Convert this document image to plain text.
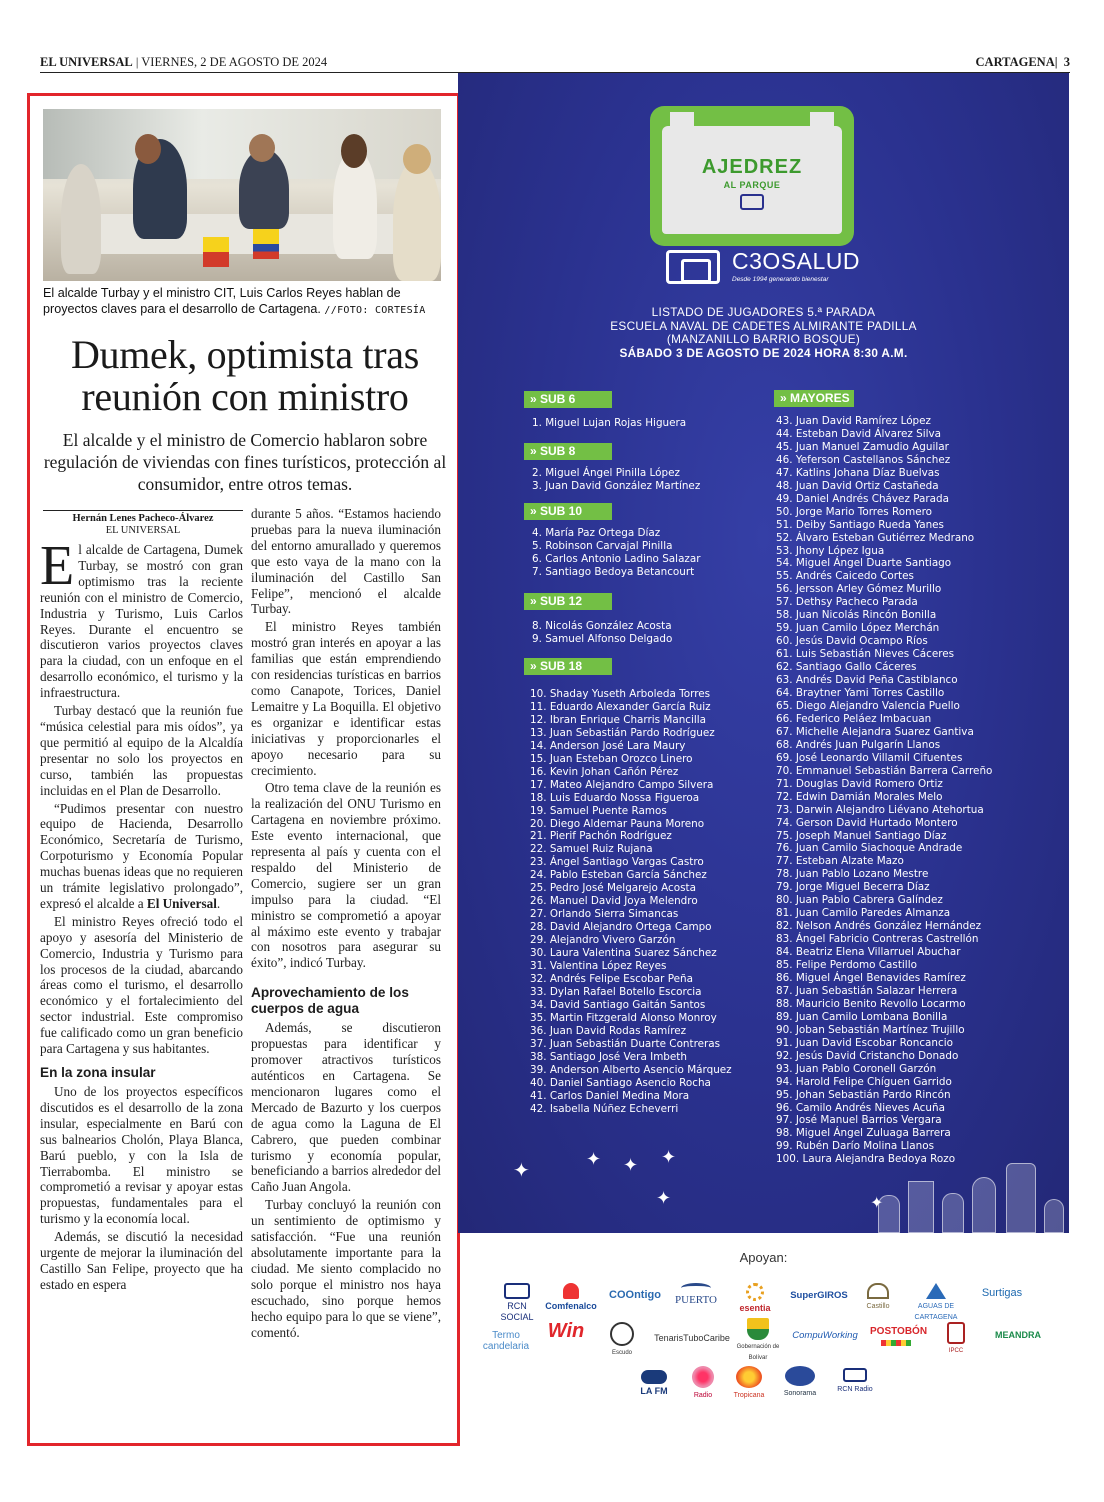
EL UNIVERSAL | VIERNES, 2 DE AGOSTO DE 2024	CARTAGENA|  3
El alcalde Turbay y el ministro CIT, Luis Carlos Reyes hablan de proyectos claves para el desarrollo de Cartagena. //FOTO: CORTESÍA
Dumek, optimista tras reunión con ministro
El alcalde y el ministro de Comercio hablaron sobre regulación de viviendas con fines turísticos, protección al consumidor, entre otros temas.
Hernán Lenes Pacheco-Álvarez
EL UNIVERSAL

El alcalde de Cartagena, Dumek Turbay, se mostró con gran optimismo tras la reciente reunión con el ministro de Comercio, Industria y Turismo, Luis Carlos Reyes. Durante el encuentro se discutieron varios proyectos claves para la ciudad, con un enfoque en el desarrollo económico, el turismo y la infraestructura.

Turbay destacó que la reunión fue “música celestial para mis oídos”, ya que permitió al equipo de la Alcaldía presentar no solo los proyectos en curso, también las propuestas incluidas en el Plan de Desarrollo.

“Pudimos presentar con nuestro equipo de Hacienda, Desarrollo Económico, Secretaría de Turismo, Corpoturismo y Economía Popular muchas buenas ideas que no requieren un trámite legislativo prolongado”, expresó el alcalde a El Universal.

El ministro Reyes ofreció todo el apoyo y asesoría del Ministerio de Comercio, Industria y Turismo para los procesos de la ciudad, abarcando áreas como el turismo, el desarrollo económico y el fortalecimiento del sector industrial. Este compromiso fue calificado como un gran beneficio para Cartagena y sus habitantes.

En la zona insular

Uno de los proyectos específicos discutidos es el desarrollo de la zona insular, especialmente en Barú con sus balnearios Cholón, Playa Blanca, Barú pueblo, y con la Isla de Tierrabomba. El ministro se comprometió a revisar y apoyar estas propuestas, fundamentales para el turismo y la economía local.

Además, se discutió la necesidad urgente de mejorar la iluminación del Castillo San Felipe, proyecto que ha estado en espera

durante 5 años. “Estamos haciendo pruebas para la nueva iluminación del entorno amurallado y queremos que esto vaya de la mano con la iluminación del Castillo San Felipe”, mencionó el alcalde Turbay.

El ministro Reyes también mostró gran interés en apoyar a las familias que están emprendiendo con residencias turísticas en barrios como Canapote, Torices, Daniel Lemaitre y La Boquilla. El objetivo es organizar e identificar estas iniciativas y proporcionarles el apoyo necesario para su crecimiento.

Otro tema clave de la reunión es la realización del ONU Turismo en Cartagena en noviembre próximo. Este evento internacional, que representa al país y cuenta con el respaldo del Ministerio de Comercio, sugiere ser un gran impulso para la ciudad. “El ministro se comprometió a apoyar al máximo este evento y trabajar con nosotros para asegurar su éxito”, indicó Turbay.

Aprovechamiento de los cuerpos de agua

Además, se discutieron propuestas para identificar y promover atractivos turísticos auténticos en Cartagena. Se mencionaron lugares como el Mercado de Bazurto y los cuerpos de agua como la Laguna de El Cabrero, que pueden combinar turismo y economía popular, beneficiando a barrios alrededor del Caño Juan Angola.

Turbay concluyó la reunión con un sentimiento de optimismo y satisfacción. “Fue una reunión absolutamente importante para la ciudad. Me siento complacido no solo porque el ministro nos haya escuchado, sino porque hemos hecho equipo para lo que se viene”, comentó.

AJEDREZ
AL PARQUE
C3OSALUD
Desde 1994 generando bienestar
LISTADO DE JUGADORES 5.ª PARADA
ESCUELA NAVAL DE CADETES ALMIRANTE PADILLA
(MANZANILLO BARRIO BOSQUE)
SÁBADO 3 DE AGOSTO DE 2024 HORA 8:30 A.M.
» SUB 6
1. Miguel Lujan Rojas Higuera
» SUB 8
2. Miguel Ángel Pinilla López
3. Juan David González Martínez
» SUB 10
4. María Paz Ortega Díaz
5. Robinson Carvajal Pinilla
6. Carlos Antonio Ladino Salazar
7. Santiago Bedoya Betancourt
» SUB 12
8. Nicolás González Acosta
9. Samuel Alfonso Delgado
» SUB 18
10. Shaday Yuseth Arboleda Torres
11. Eduardo Alexander García Ruiz
12. Ibran Enrique Charris Mancilla
13. Juan Sebastián Pardo Rodríguez
14. Anderson José Lara Maury
15. Juan Esteban Orozco Linero
16. Kevin Johan Cañón Pérez
17. Mateo Alejandro Campo Silvera
18. Luis Eduardo Nossa Figueroa
19. Samuel Puente Ramos
20. Diego Aldemar Pauna Moreno
21. Pierif Pachón Rodríguez
22. Samuel Ruiz Rujana
23. Ángel Santiago Vargas Castro
24. Pablo Esteban García Sánchez
25. Pedro José Melgarejo Acosta
26. Manuel David Joya Melendro
27. Orlando Sierra Simancas
28. David Alejandro Ortega Campo
29. Alejandro Vivero Garzón
30. Laura Valentina Suarez Sánchez
31. Valentina López Reyes
32. Andrés Felipe Escobar Peña
33. Dylan Rafael Botello Escorcia
34. David Santiago Gaitán Santos
35. Martin Fitzgerald Alonso Monroy
36. Juan David Rodas Ramírez
37. Juan Sebastián Duarte Contreras
38. Santiago José Vera Imbeth
39. Anderson Alberto Asencio Márquez
40. Daniel Santiago Asencio Rocha
41. Carlos Daniel Medina Mora
42. Isabella Núñez Echeverri
» MAYORES
43. Juan David Ramírez López
44. Esteban David Álvarez Silva
45. Juan Manuel Zamudio Aguilar
46. Yeferson Castellanos Sánchez
47. Katlins Johana Díaz Buelvas
48. Juan David Ortiz Castañeda
49. Daniel Andrés Chávez Parada
50. Jorge Mario Torres Romero
51. Deiby Santiago Rueda Yanes
52. Álvaro Esteban Gutiérrez Medrano
53. Jhony López Igua
54. Miguel Ángel Duarte Santiago
55. Andrés Caicedo Cortes
56. Jersson Arley Gómez Murillo
57. Dethsy Pacheco Parada
58. Juan Nicolás Rincón Bonilla
59. Juan Camilo López Merchán
60. Jesús David Ocampo Ríos
61. Luis Sebastián Nieves Cáceres
62. Santiago Gallo Cáceres
63. Andrés David Peña Castiblanco
64. Braytner Yami Torres Castillo
65. Diego Alejandro Valencia Puello
66. Federico Peláez Imbacuan
67. Michelle Alejandra Suarez Gantiva
68. Andrés Juan Pulgarín Llanos
69. José Leonardo Villamil Cifuentes
70. Emmanuel Sebastián Barrera Carreño
71. Douglas David Romero Ortiz
72. Edwin Damián Morales Melo
73. Darwin Alejandro Liévano Atehortua
74. Gerson David Hurtado Montero
75. Joseph Manuel Santiago Díaz
76. Juan Camilo Siachoque Andrade
77. Esteban Alzate Mazo
78. Juan Pablo Lozano Mestre
79. Jorge Miguel Becerra Díaz
80. Juan Pablo Cabrera Galíndez
81. Juan Camilo Paredes Almanza
82. Nelson Andrés González Hernández
83. Ángel Fabricio Contreras Castrellón
84. Beatriz Elena Villarruel Abuchar
85. Felipe Perdomo Castillo
86. Miguel Ángel Benavides Ramírez
87. Juan Sebastián Salazar Herrera
88. Mauricio Benito Revollo Locarmo
89. Juan Camilo Lombana Bonilla
90. Joban Sebastián Martínez Trujillo
91. Juan David Escobar Roncancio
92. Jesús David Cristancho Donado
93. Juan Pablo Coronell Garzón
94. Harold Felipe Chíguen Garrido
95. Johan Sebastián Pardo Rincón
96. Camilo Andrés Nieves Acuña
97. José Manuel Barrios Vergara
98. Miguel Ángel Zuluaga Barrera
99. Rubén Darío Molina Llanos
100. Laura Alejandra Bedoya Rozo
✦	✦ ✦ ✦
✦	✦
Apoyan:
RCN SOCIAL
Comfenalco
COOntigo	PUERTO
esentia
SuperGIROS
Castillo	AGUAS DE CARTAGENA
Surtigas
Termo candelaria
Win
Escudo
TenarisTuboCaribe
Gobernación de Bolívar
CompuWorking POSTOBÓN
IPCC
MEANDRA
LA FM	Radio	Tropicana	Sonorama
RCN Radio
